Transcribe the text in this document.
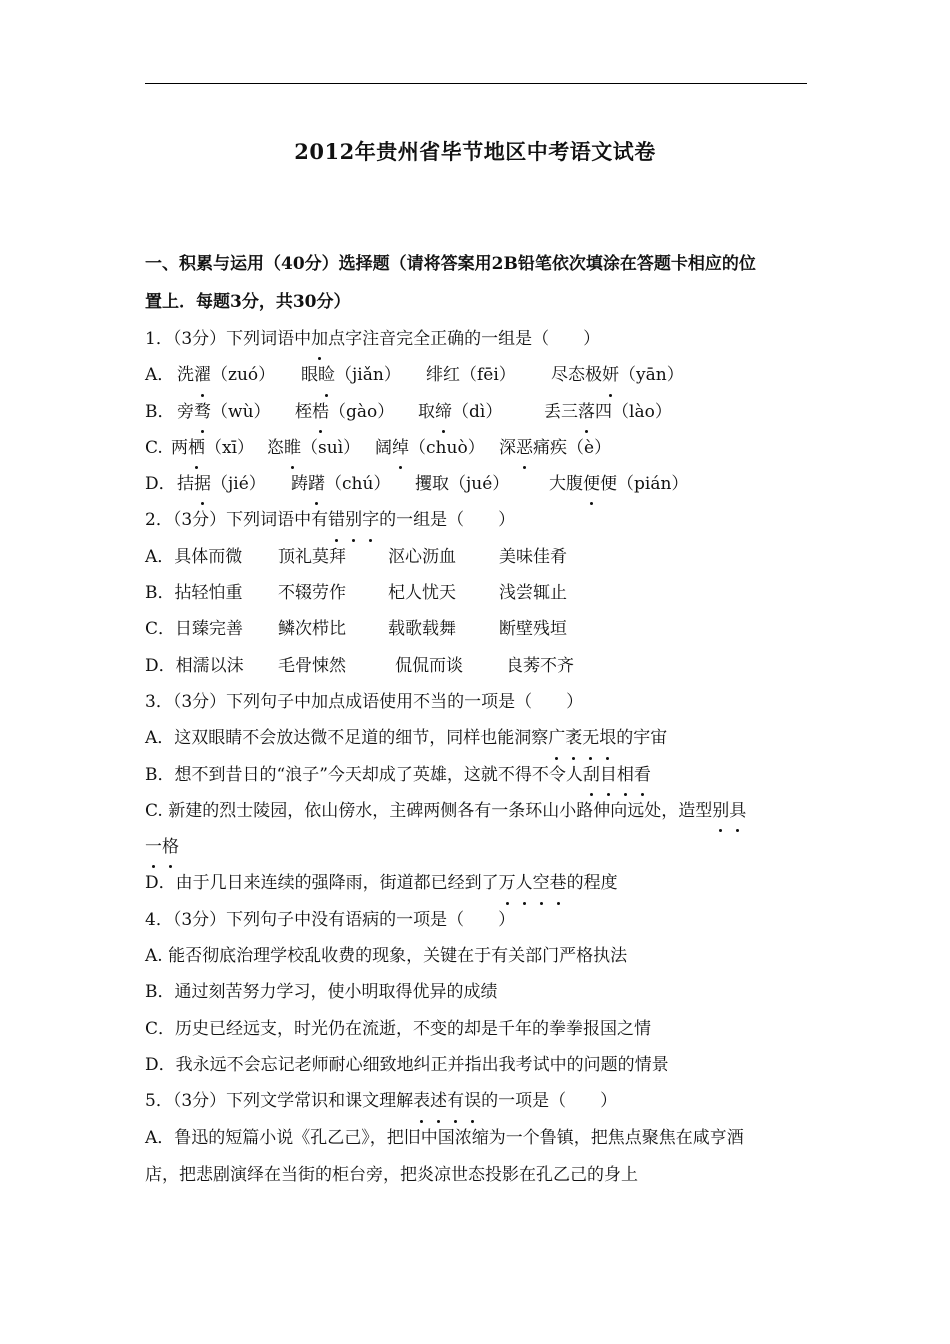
2012年贵州省毕节地区中考语文试卷
一、积累与运用（40分）选择题（请将答案用2B铅笔依次填涂在答题卡相应的位
置上．每题3分，共30分）
1．（3分）下列词语中加点字注音完全正确的一组是（　　 ）
A． 洗濯（zuó） 眼睑（jiǎn） 绯红（fēi） 尽态极妍（yān）
B． 旁骛（wù） 桎梏（gào） 取缔（dì） 丢三落四（lào）
C.两栖（xī） 恣睢（suì） 阔绰（chuò） 深恶痛疾（è）
D．拮据（jié） 踌躇（chú） 攫取（jué） 大腹便便（pián）
2．（3分）下列词语中有错别字的一组是（　　 ）
A．具体而微 顶礼莫拜 沤心沥血	美味佳肴
B．拈轻怕重 不辍劳作 杞人忧天	浅尝辄止
C．日臻完善 鳞次栉比 载歌载舞	断壁残垣
D．相濡以沫 毛骨悚然	侃侃而谈	良莠不齐
3．（3分）下列句子中加点成语使用不当的一项是（　　）
A．这双眼睛不会放达微不足道的细节，同样也能洞察广袤无垠的宇宙
B．想不到昔日的“浪子”今天却成了英雄，这就不得不令人刮目相看
C. 新建的烈士陵园，依山傍水，主碑两侧各有一条环山小路伸向远处，造型别具
一格
D．由于几日来连续的强降雨，街道都已经到了万人空巷的程度
4．（3分）下列句子中没有语病的一项是（　　）
A. 能否彻底治理学校乱收费的现象，关键在于有关部门严格执法
B．通过刻苦努力学习，使小明取得优异的成绩
C．历史已经远支，时光仍在流逝，不变的却是千年的拳拳报国之情
D．我永远不会忘记老师耐心细致地纠正并指出我考试中的问题的情景
5．（3分）下列文学常识和课文理解表述有误的一项是（　　 ）
A．鲁迅的短篇小说《孔乙己》，把旧中国浓缩为一个鲁镇，把焦点聚焦在咸亨酒
店，把悲剧演绎在当街的柜台旁，把炎凉世态投影在孔乙己的身上
